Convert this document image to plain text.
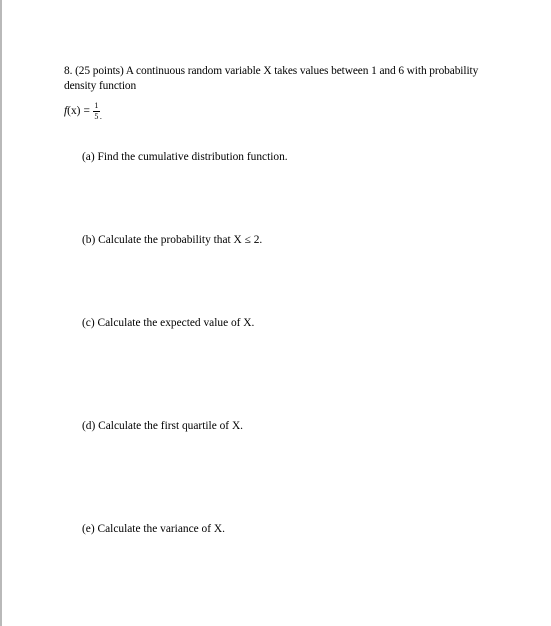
8. (25 points) A continuous random variable X takes values between 1 and 6 with probability density function
f $(x) = \frac{1}{5}$ .
(a) Find the cumulative distribution function.
(b) Calculate the probability that X ≤ 2.
(c) Calculate the expected value of X.
(d) Calculate the first quartile of X.
(e) Calculate the variance of X.
